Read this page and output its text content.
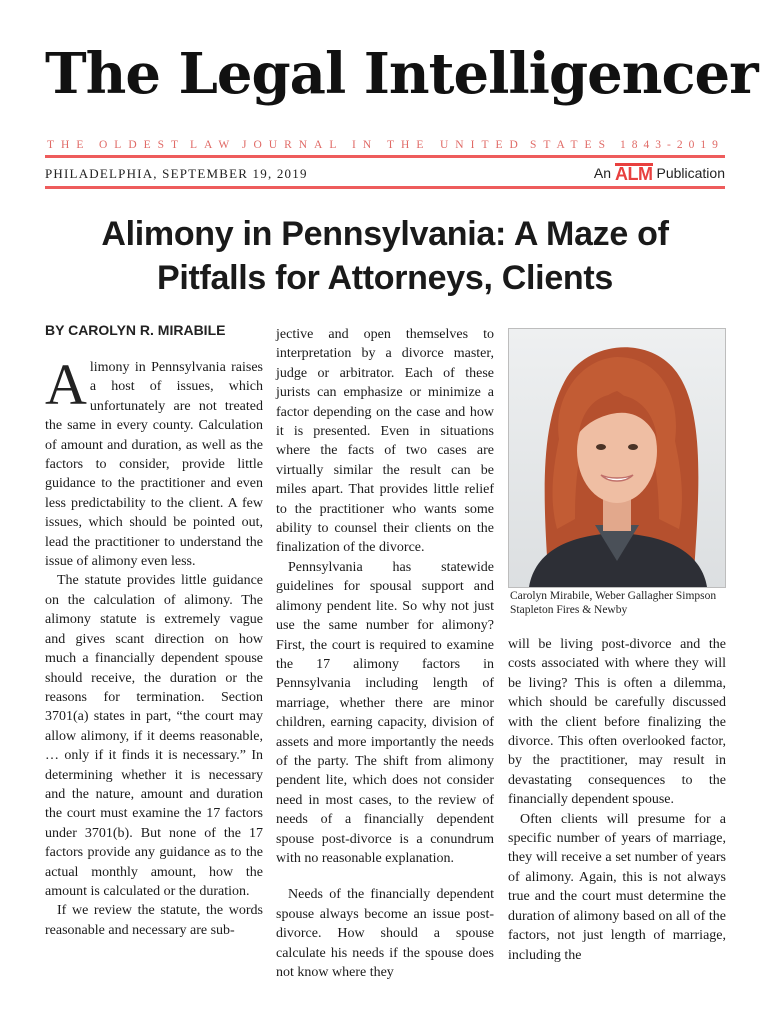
The Legal Intelligencer
THE OLDEST LAW JOURNAL IN THE UNITED STATES 1843-2019
PHILADELPHIA, SEPTEMBER 19, 2019	An ALM Publication
Alimony in Pennsylvania: A Maze of
Pitfalls for Attorneys, Clients
BY CAROLYN R. MIRABILE

Alimony in Pennsylvania raises a host of issues, which unfortunately are not treated the same in every county. Calculation of amount and duration, as well as the factors to consider, provide little guidance to the practitioner and even less predictability to the client. A few issues, which should be pointed out, lead the practitioner to understand the issue of alimony even less.

The statute provides little guidance on the calculation of alimony. The alimony statute is extremely vague and gives scant direction on how much a financially dependent spouse should receive, the duration or the reasons for termination. Section 3701(a) states in part, “the court may allow alimony, if it deems reasonable, … only if it finds it is necessary.” In determining whether it is necessary and the nature, amount and duration the court must examine the 17 factors under 3701(b). But none of the 17 factors provide any guidance as to the actual monthly amount, how the amount is calculated or the duration.

If we review the statute, the words reasonable and necessary are sub-

jective and open themselves to interpretation by a divorce master, judge or arbitrator. Each of these jurists can emphasize or minimize a factor depending on the case and how it is presented. Even in situations where the facts of two cases are virtually similar the result can be miles apart. That provides little relief to the practitioner who wants some ability to counsel their clients on the finalization of the divorce.

Pennsylvania has statewide guidelines for spousal support and alimony pendent lite. So why not just use the same number for alimony? First, the court is required to examine the 17 alimony factors in Pennsylvania including length of marriage, whether there are minor children, earning capacity, division of assets and more importantly the needs of the party. The shift from alimony pendent lite, which does not consider need in most cases, to the review of needs of a financially dependent spouse post-divorce is a conundrum with no reasonable explanation.

Needs of the financially dependent spouse always become an issue post-divorce. How should a spouse calculate his needs if the spouse does not know where they

Carolyn Mirabile, Weber Gallagher Simpson Stapleton Fires & Newby

will be living post-divorce and the costs associated with where they will be living? This is often a dilemma, which should be carefully discussed with the client before finalizing the divorce. This often overlooked factor, by the practitioner, may result in devastating consequences to the financially dependent spouse.

Often clients will presume for a specific number of years of marriage, they will receive a set number of years of alimony. Again, this is not always true and the court must determine the duration of alimony based on all of the factors, not just length of marriage, including the
